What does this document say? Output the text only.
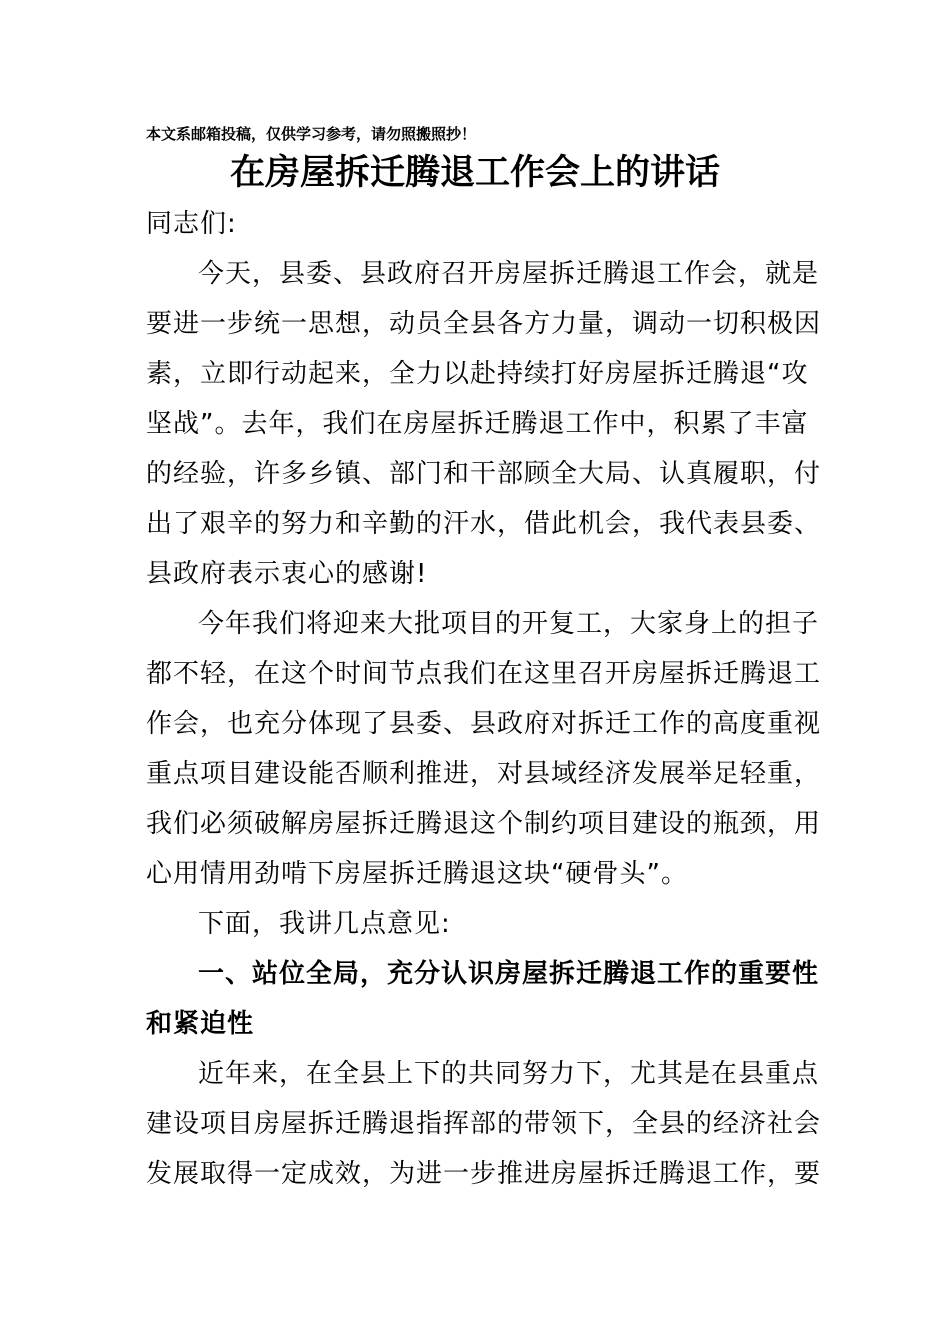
本文系邮箱投稿，仅供学习参考，请勿照搬照抄！
在房屋拆迁腾退工作会上的讲话
同志们:
今天，县委、县政府召开房屋拆迁腾退工作会，就是
要进一步统一思想，动员全县各方力量，调动一切积极因
素，立即行动起来，全力以赴持续打好房屋拆迁腾退“攻
坚战”。去年，我们在房屋拆迁腾退工作中，积累了丰富
的经验，许多乡镇、部门和干部顾全大局、认真履职，付
出了艰辛的努力和辛勤的汗水，借此机会，我代表县委、
县政府表示衷心的感谢!
今年我们将迎来大批项目的开复工，大家身上的担子
都不轻，在这个时间节点我们在这里召开房屋拆迁腾退工
作会，也充分体现了县委、县政府对拆迁工作的高度重视
重点项目建设能否顺利推进，对县域经济发展举足轻重，
我们必须破解房屋拆迁腾退这个制约项目建设的瓶颈，用
心用情用劲啃下房屋拆迁腾退这块“硬骨头”。
下面，我讲几点意见:
一、站位全局，充分认识房屋拆迁腾退工作的重要性
和紧迫性
近年来，在全县上下的共同努力下，尤其是在县重点
建设项目房屋拆迁腾退指挥部的带领下，全县的经济社会
发展取得一定成效，为进一步推进房屋拆迁腾退工作，要
